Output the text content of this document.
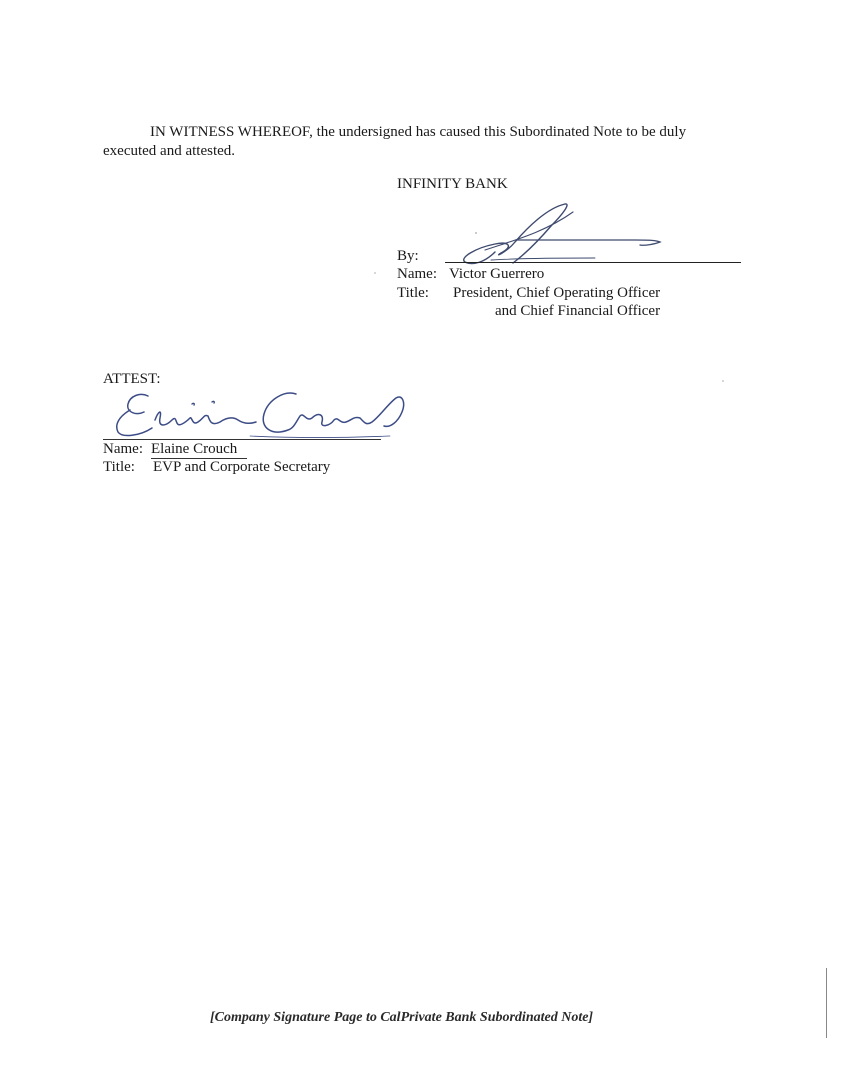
IN WITNESS WHEREOF, the undersigned has caused this Subordinated Note to be duly
executed and attested.
INFINITY BANK
By:
Name: Victor Guerrero
Title: President, Chief Operating Officer
and Chief Financial Officer
ATTEST:
Name: Elaine Crouch
Title: EVP and Corporate Secretary
[Company Signature Page to CalPrivate Bank Subordinated Note]
